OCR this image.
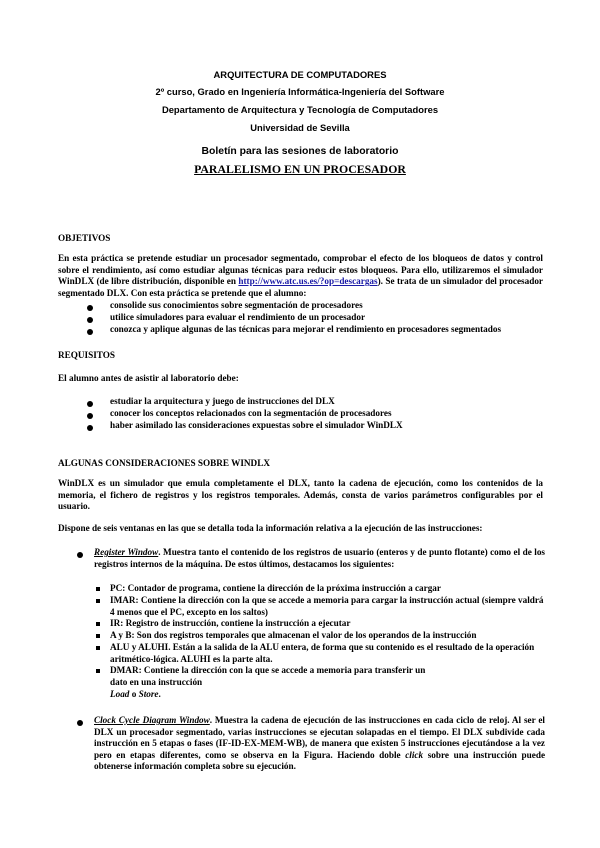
ARQUITECTURA DE COMPUTADORES
2º curso, Grado en Ingeniería Informática-Ingeniería del Software
Departamento de Arquitectura y Tecnología de Computadores
Universidad de Sevilla
Boletín para las sesiones de laboratorio
PARALELISMO EN UN PROCESADOR
OBJETIVOS
En esta práctica se pretende estudiar un procesador segmentado, comprobar el efecto de los bloqueos de datos y control sobre el rendimiento, así como estudiar algunas técnicas para reducir estos bloqueos. Para ello, utilizaremos el simulador WinDLX (de libre distribución, disponible en http://www.atc.us.es/?op=descargas). Se trata de un simulador del procesador segmentado DLX. Con esta práctica se pretende que el alumno:
consolide sus conocimientos sobre segmentación de procesadores
utilice simuladores para evaluar el rendimiento de un procesador
conozca y aplique algunas de las técnicas para mejorar el rendimiento en procesadores segmentados
REQUISITOS
El alumno antes de asistir al laboratorio debe:
estudiar la arquitectura y juego de instrucciones del DLX
conocer los conceptos relacionados con la segmentación de procesadores
haber asimilado las consideraciones expuestas sobre el simulador WinDLX
ALGUNAS CONSIDERACIONES SOBRE WINDLX
WinDLX es un simulador que emula completamente el DLX, tanto la cadena de ejecución, como los contenidos de la memoria, el fichero de registros y los registros temporales. Además, consta de varios parámetros configurables por el usuario.
Dispone de seis ventanas en las que se detalla toda la información relativa a la ejecución de las instrucciones:
Register Window. Muestra tanto el contenido de los registros de usuario (enteros y de punto flotante) como el de los registros internos de la máquina. De estos últimos, destacamos los siguientes:
PC: Contador de programa, contiene la dirección de la próxima instrucción a cargar
IMAR: Contiene la dirección con la que se accede a memoria para cargar la instrucción actual (siempre valdrá 4 menos que el PC, excepto en los saltos)
IR: Registro de instrucción, contiene la instrucción a ejecutar
A y B: Son dos registros temporales que almacenan el valor de los operandos de la instrucción
ALU y ALUHI. Están a la salida de la ALU entera, de forma que su contenido es el resultado de la operación aritmético-lógica. ALUHI es la parte alta.
DMAR: Contiene la dirección con la que se accede a memoria para transferir un dato en una instrucción
Load o Store.
Clock Cycle Diagram Window. Muestra la cadena de ejecución de las instrucciones en cada ciclo de reloj. Al ser el DLX un procesador segmentado, varias instrucciones se ejecutan solapadas en el tiempo. El DLX subdivide cada instrucción en 5 etapas o fases (IF-ID-EX-MEM-WB), de manera que existen 5 instrucciones ejecutándose a la vez pero en etapas diferentes, como se observa en la Figura. Haciendo doble click sobre una instrucción puede obtenerse información completa sobre su ejecución.
